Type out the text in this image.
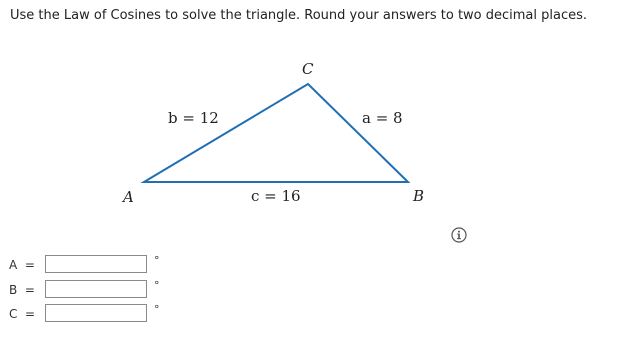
Use the Law of Cosines to solve the triangle. Round your answers to two decimal places.
C
A	B
b = 12	a = 8
c = 16
A  =	°
B  =	°
C  =	°
